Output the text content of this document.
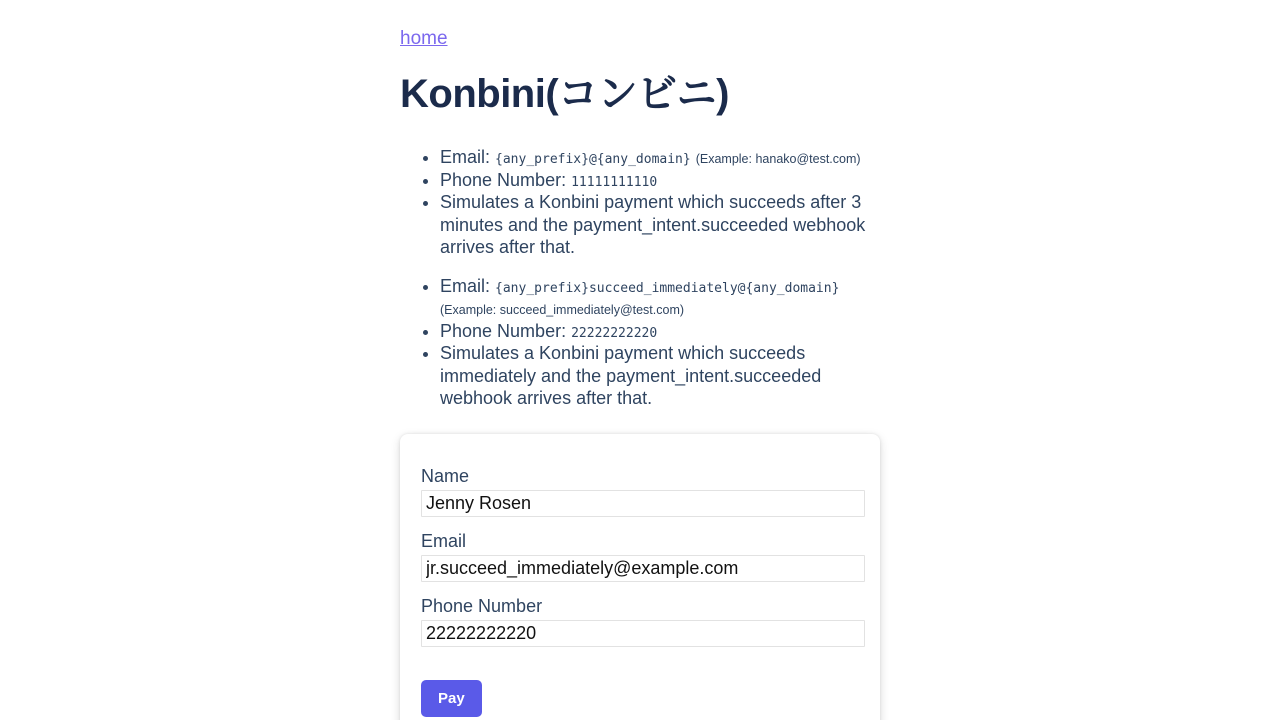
home
Konbini(コンビニ)
• Email: {any_prefix}@{any_domain} (Example: hanako@test.com)
• Phone Number: 11111111110
• Simulates a Konbini payment which succeeds after 3 minutes and the payment_intent.succeeded webhook arrives after that.
• Email: {any_prefix}succeed_immediately@{any_domain} (Example: succeed_immediately@test.com)
• Phone Number: 22222222220
• Simulates a Konbini payment which succeeds immediately and the payment_intent.succeeded webhook arrives after that.
Name
Jenny Rosen
Email
jr.succeed_immediately@example.com
Phone Number
22222222220 Pay
